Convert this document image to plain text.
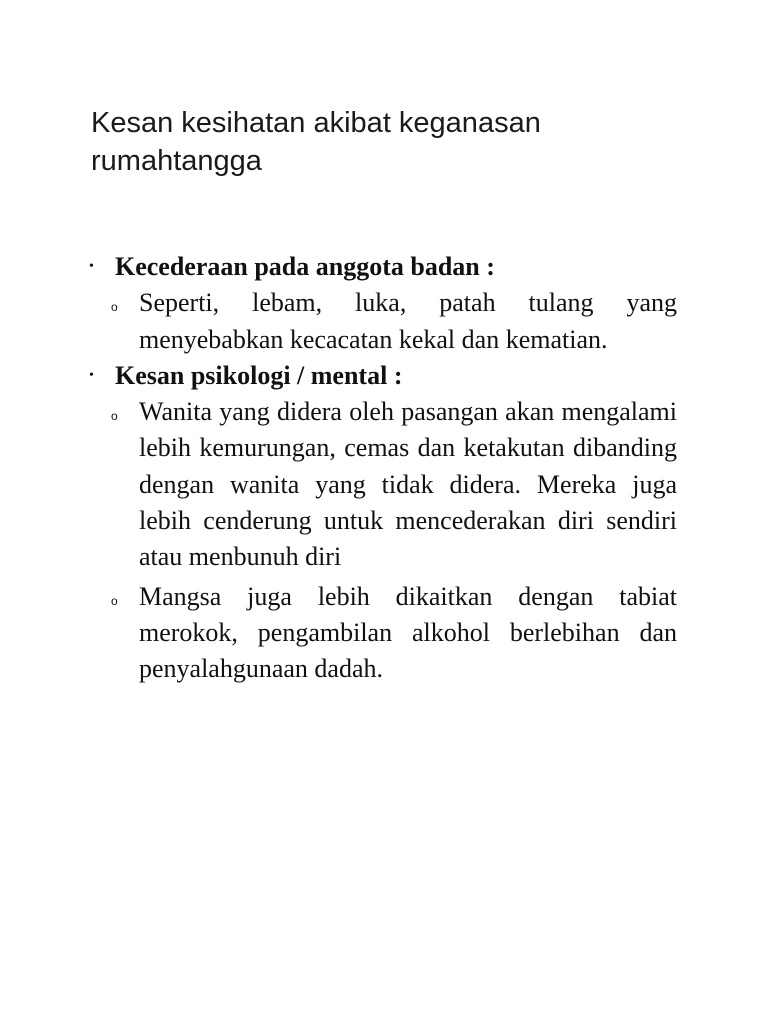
Kesan kesihatan akibat keganasan rumahtangga
• Kecederaan pada anggota badan :
o Seperti, lebam, luka, patah tulang yang menyebabkan kecacatan kekal dan kematian.
• Kesan psikologi / mental :
o Wanita yang didera oleh pasangan akan mengalami lebih kemurungan, cemas dan ketakutan dibanding dengan wanita yang tidak didera. Mereka juga lebih cenderung untuk mencederakan diri sendiri atau menbunuh diri
o Mangsa juga lebih dikaitkan dengan tabiat merokok, pengambilan alkohol berlebihan dan penyalahgunaan dadah.
